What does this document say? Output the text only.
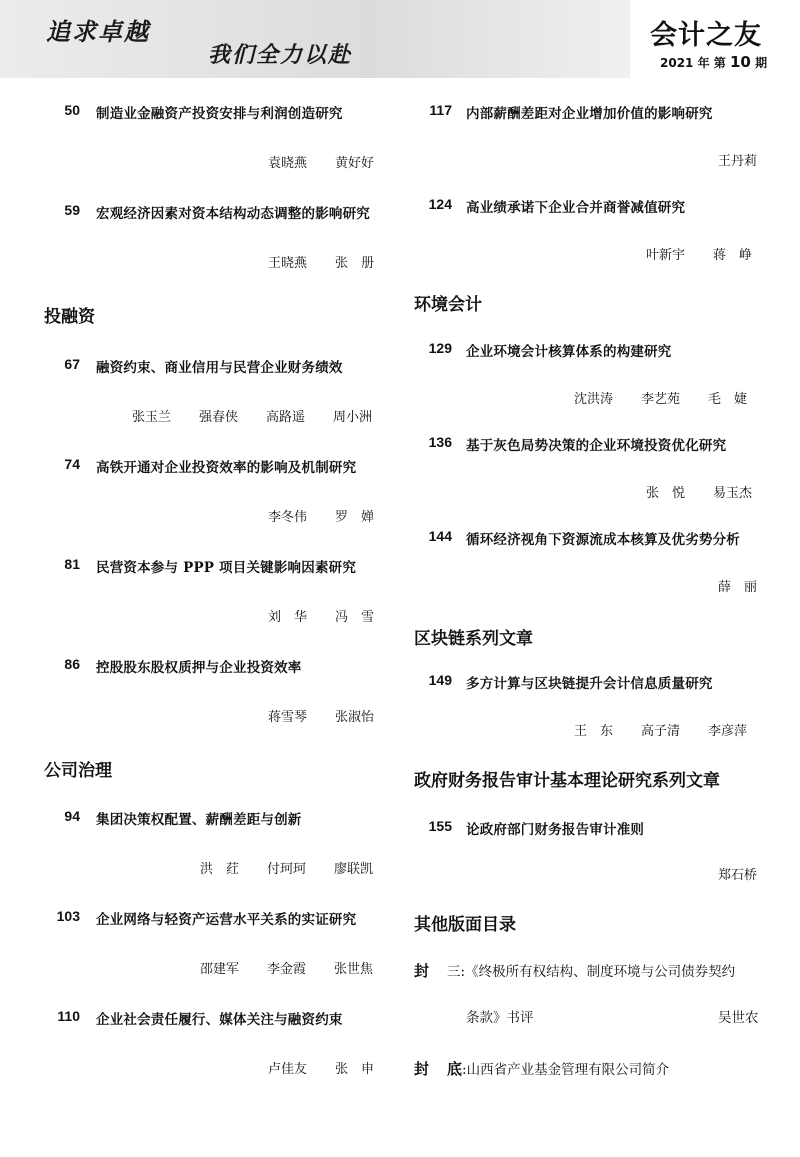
追求卓越
我们全力以赴
会计之友
2021 年 第 10 期
50 制造业金融资产投资安排与利润创造研究
袁晓燕 黄好好
59 宏观经济因素对资本结构动态调整的影响研究
王晓燕 张　册
投融资
67 融资约束、商业信用与民营企业财务绩效
张玉兰 强春侠 高路遥 周小洲
74 高铁开通对企业投资效率的影响及机制研究
李冬伟 罗　婵
81 民营资本参与 PPP 项目关键影响因素研究
刘　华 冯　雪
86 控股股东股权质押与企业投资效率
蒋雪琴 张淑怡
公司治理
94 集团决策权配置、薪酬差距与创新
洪　荭 付珂珂 廖联凯
103 企业网络与轻资产运营水平关系的实证研究
邵建军 李金霞 张世焦
110 企业社会责任履行、媒体关注与融资约束
卢佳友 张　申
117 内部薪酬差距对企业增加价值的影响研究
王丹莉
124 高业绩承诺下企业合并商誉减值研究
叶新宇 蒋　峥
环境会计
129 企业环境会计核算体系的构建研究
沈洪涛 李艺苑 毛　婕
136 基于灰色局势决策的企业环境投资优化研究
张　悦 易玉杰
144 循环经济视角下资源流成本核算及优劣势分析
薛　丽
区块链系列文章
149 多方计算与区块链提升会计信息质量研究
王　东 高子清 李彦萍
政府财务报告审计基本理论研究系列文章
155 论政府部门财务报告审计准则
郑石桥
其他版面目录
封 三:《终极所有权结构、制度环境与公司债券契约
条款》书评	吴世农
封 底:山西省产业基金管理有限公司简介
